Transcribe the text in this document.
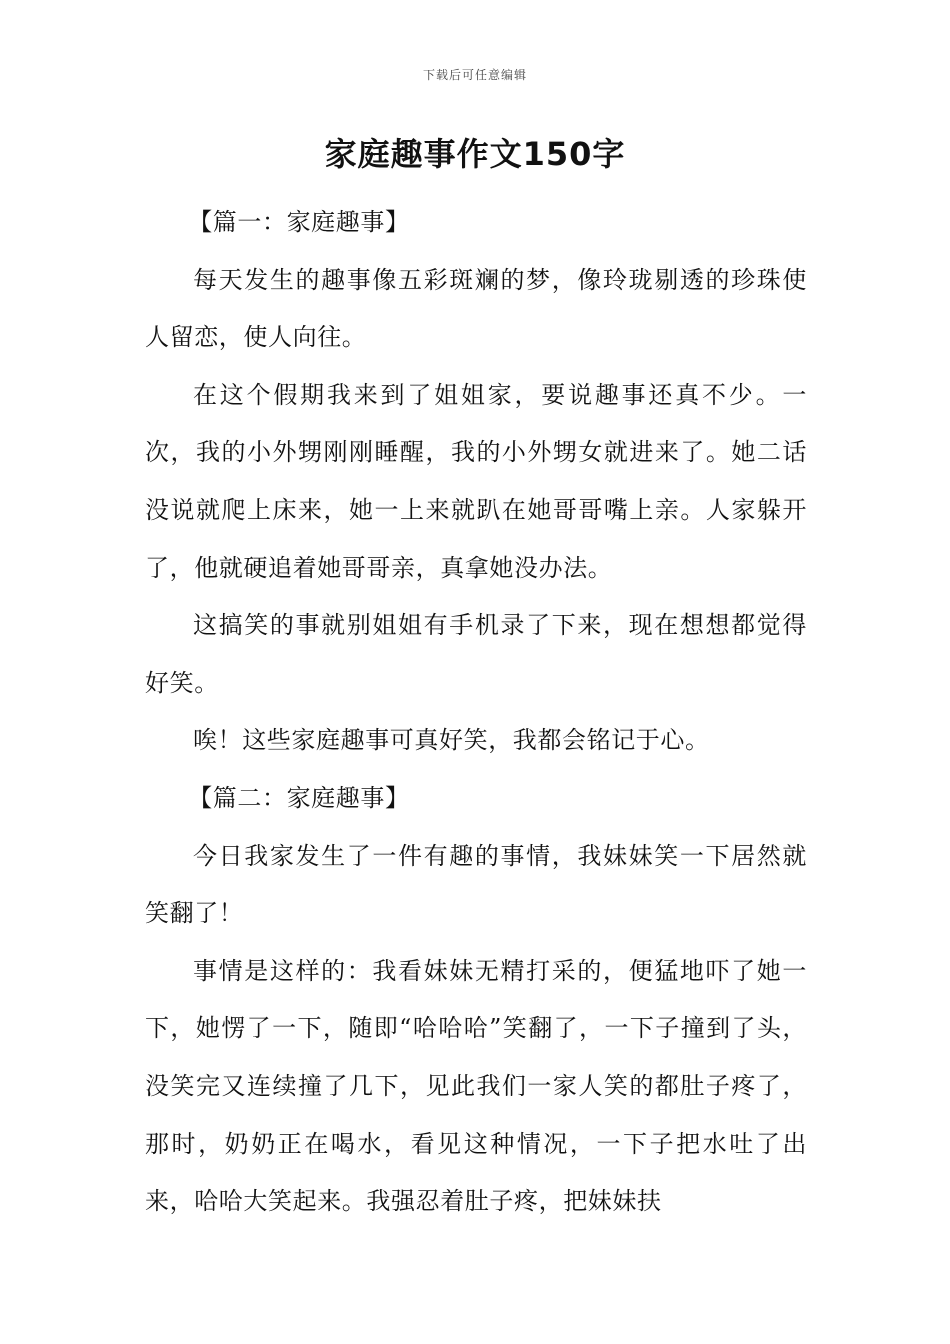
下载后可任意编辑
家庭趣事作文150字

【篇一：家庭趣事】

每天发生的趣事像五彩斑斓的梦，像玲珑剔透的珍珠使人留恋，使人向往。

在这个假期我来到了姐姐家，要说趣事还真不少。一次，我的小外甥刚刚睡醒，我的小外甥女就进来了。她二话没说就爬上床来，她一上来就趴在她哥哥嘴上亲。人家躲开了，他就硬追着她哥哥亲，真拿她没办法。

这搞笑的事就别姐姐有手机录了下来，现在想想都觉得好笑。

唉！这些家庭趣事可真好笑，我都会铭记于心。

【篇二：家庭趣事】

今日我家发生了一件有趣的事情，我妹妹笑一下居然就笑翻了！

事情是这样的：我看妹妹无精打采的，便猛地吓了她一下，她愣了一下，随即“哈哈哈”笑翻了，一下子撞到了头，没笑完又连续撞了几下，见此我们一家人笑的都肚子疼了，那时，奶奶正在喝水，看见这种情况，一下子把水吐了出来，哈哈大笑起来。我强忍着肚子疼，把妹妹扶
